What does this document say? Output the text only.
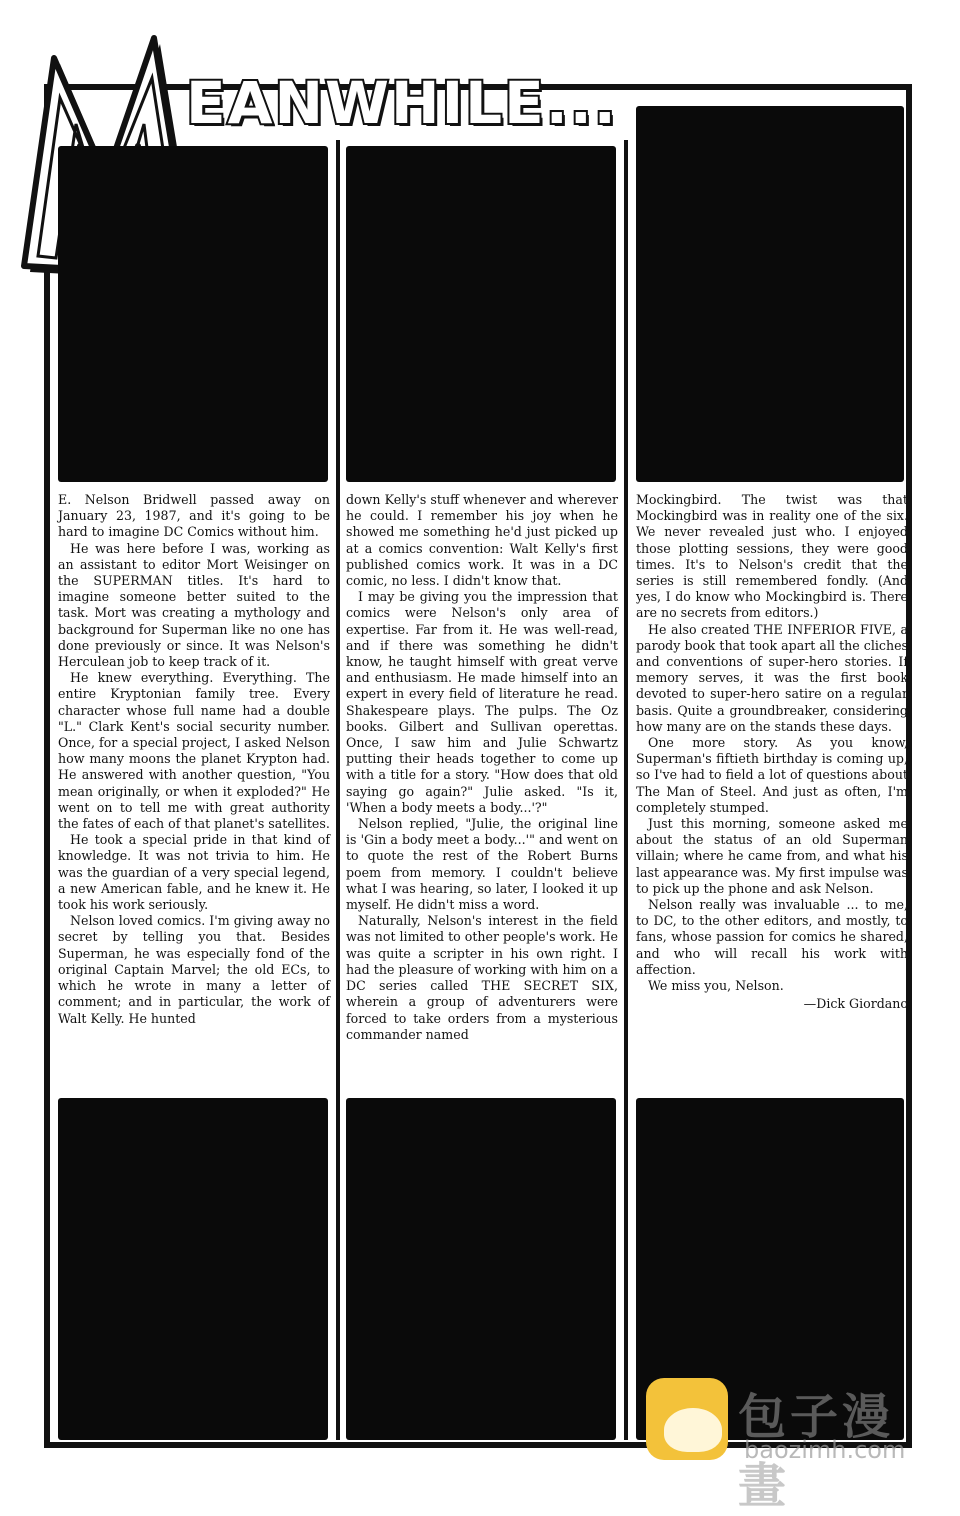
EANWHILE...

E. Nelson Bridwell passed away on January 23, 1987, and it's going to be hard to imagine DC Comics without him.

He was here before I was, working as an assistant to editor Mort Weisinger on the SUPERMAN titles. It's hard to imagine someone better suited to the task. Mort was creating a mythology and background for Superman like no one has done previously or since. It was Nelson's Herculean job to keep track of it.

He knew everything. Everything. The entire Kryptonian family tree. Every character whose full name had a double "L." Clark Kent's social security number. Once, for a special project, I asked Nelson how many moons the planet Krypton had. He answered with another question, "You mean originally, or when it exploded?" He went on to tell me with great authority the fates of each of that planet's satellites.

He took a special pride in that kind of knowledge. It was not trivia to him. He was the guardian of a very special legend, a new American fable, and he knew it. He took his work seriously.

Nelson loved comics. I'm giving away no secret by telling you that. Besides Superman, he was especially fond of the original Captain Marvel; the old ECs, to which he wrote in many a letter of comment; and in particular, the work of Walt Kelly. He hunted

down Kelly's stuff whenever and wherever he could. I remember his joy when he showed me something he'd just picked up at a comics convention: Walt Kelly's first published comics work. It was in a DC comic, no less. I didn't know that.

I may be giving you the impression that comics were Nelson's only area of expertise. Far from it. He was well-read, and if there was something he didn't know, he taught himself with great verve and enthusiasm. He made himself into an expert in every field of literature he read. Shakespeare plays. The pulps. The Oz books. Gilbert and Sullivan operettas. Once, I saw him and Julie Schwartz putting their heads together to come up with a title for a story. "How does that old saying go again?" Julie asked. "Is it, 'When a body meets a body...'?"

Nelson replied, "Julie, the original line is 'Gin a body meet a body...'" and went on to quote the rest of the Robert Burns poem from memory. I couldn't believe what I was hearing, so later, I looked it up myself. He didn't miss a word.

Naturally, Nelson's interest in the field was not limited to other people's work. He was quite a scripter in his own right. I had the pleasure of working with him on a DC series called THE SECRET SIX, wherein a group of adventurers were forced to take orders from a mysterious commander named

Mockingbird. The twist was that Mockingbird was in reality one of the six. We never revealed just who. I enjoyed those plotting sessions, they were good times. It's to Nelson's credit that the series is still remembered fondly. (And yes, I do know who Mockingbird is. There are no secrets from editors.)

He also created THE INFERIOR FIVE, a parody book that took apart all the cliches and conventions of super-hero stories. If memory serves, it was the first book devoted to super-hero satire on a regular basis. Quite a groundbreaker, considering how many are on the stands these days.

One more story. As you know, Superman's fiftieth birthday is coming up, so I've had to field a lot of questions about The Man of Steel. And just as often, I'm completely stumped.

Just this morning, someone asked me about the status of an old Superman villain; where he came from, and what his last appearance was. My first impulse was to pick up the phone and ask Nelson.

Nelson really was invaluable ... to me, to DC, to the other editors, and mostly, to fans, whose passion for comics he shared, and who will recall his work with affection.

We miss you, Nelson.

—Dick Giordano
包子漫畫
baozimh.com
